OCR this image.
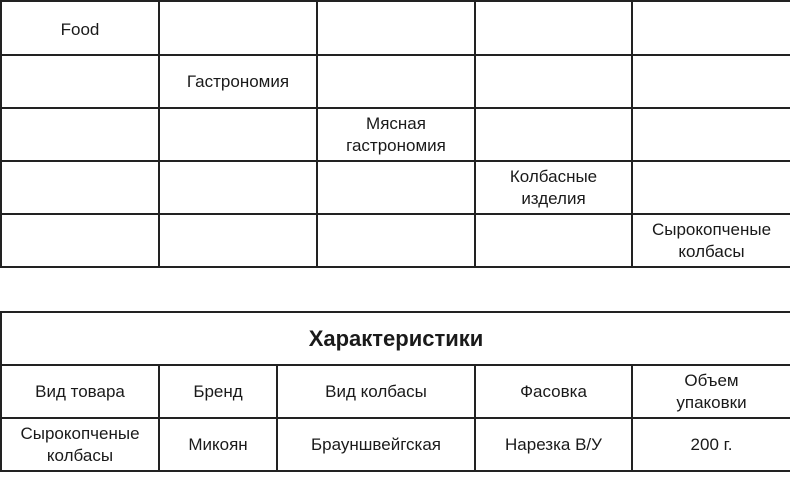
Food				
	Гастрономия			
		Мясная гастрономия		
			Колбасные изделия	
				Сырокопченые колбасы
Характеристики				
Вид товара	Бренд	Вид колбасы	Фасовка	Объем упаковки
Сырокопченые колбасы	Микоян	Брауншвейгская	Нарезка В/У	200 г.
